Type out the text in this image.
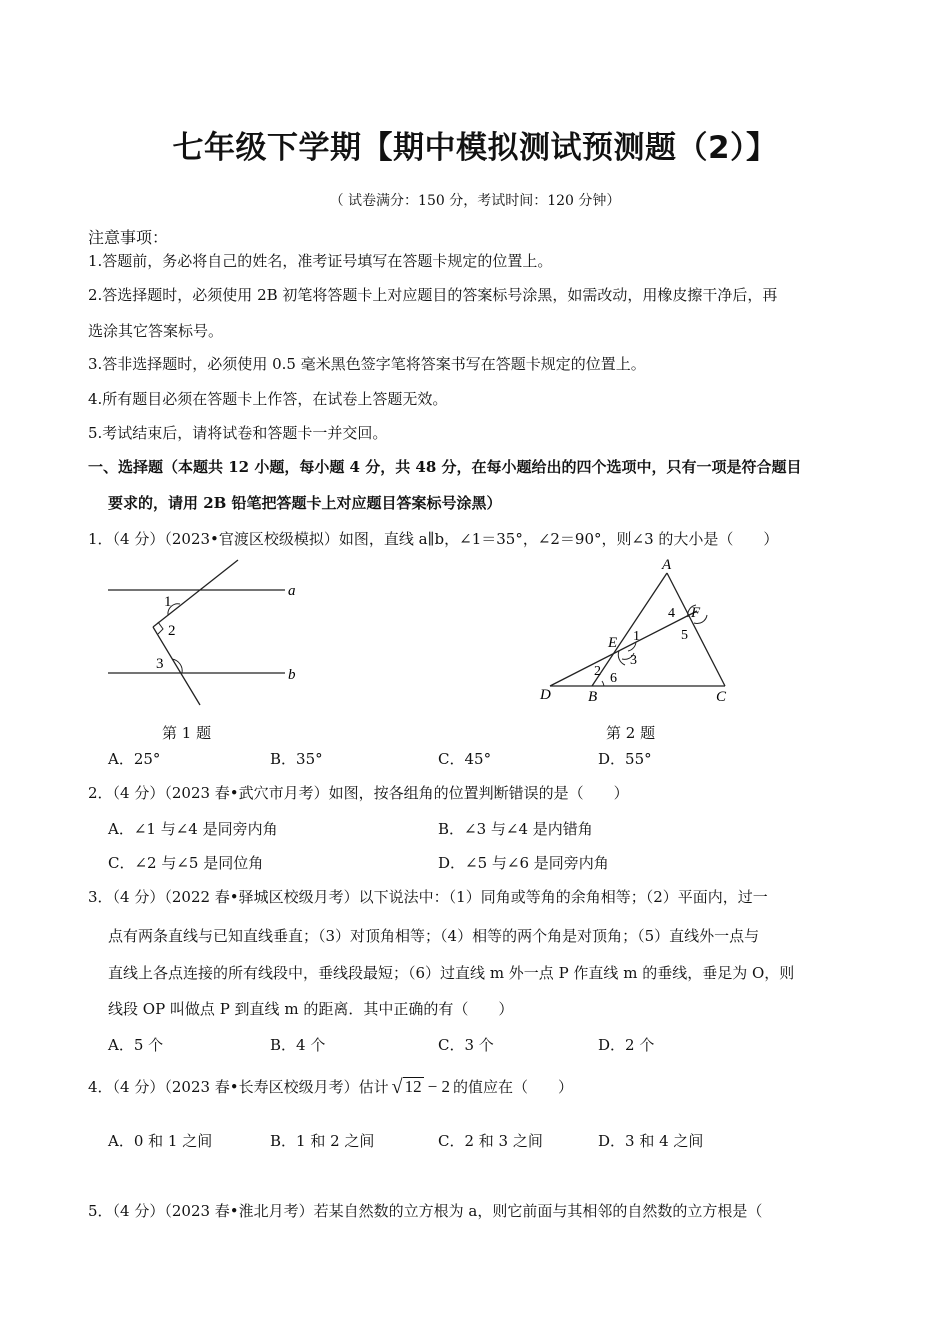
七年级下学期【期中模拟测试预测题（2）】
（ 试卷满分：150 分，考试时间：120 分钟）
注意事项：
1.答题前，务必将自己的姓名，准考证号填写在答题卡规定的位置上。
2.答选择题时，必须使用 2B 初笔将答题卡上对应题目的答案标号涂黑，如需改动，用橡皮擦干净后，再
选涂其它答案标号。
3.答非选择题时，必须使用 0.5 毫米黑色签字笔将答案书写在答题卡规定的位置上。
4.所有题目必须在答题卡上作答，在试卷上答题无效。
5.考试结束后，请将试卷和答题卡一并交回。
一、选择题（本题共 12 小题，每小题 4 分，共 48 分，在每小题给出的四个选项中，只有一项是符合题目
要求的，请用 2B 铅笔把答题卡上对应题目答案标号涂黑）
1．（4 分）（2023•官渡区校级模拟）如图，直线 a∥b，∠1＝35°，∠2＝90°，则∠3 的大小是（　　）
a
b
1
2
3
第 1 题
A
B	C
D
E
F
1
2
3
4
5
6
第 2 题
A．25°	B．35°	C．45°	D．55°
2．（4 分）（2023 春•武穴市月考）如图，按各组角的位置判断错误的是（　　）
A．∠1 与∠4 是同旁内角	B．∠3 与∠4 是内错角
C．∠2 与∠5 是同位角	D．∠5 与∠6 是同旁内角
3．（4 分）（2022 春•驿城区校级月考）以下说法中：（1）同角或等角的余角相等；（2）平面内，过一
点有两条直线与已知直线垂直；（3）对顶角相等；（4）相等的两个角是对顶角；（5）直线外一点与
直线上各点连接的所有线段中，垂线段最短；（6）过直线 m 外一点 P 作直线 m 的垂线，垂足为 O，则
线段 OP 叫做点 P 到直线 m 的距离．其中正确的有（　　）
A．5 个	B．4 个	C．3 个	D．2 个
4．（4 分）（2023 春•长寿区校级月考）估计 √ 12 − 2 的值应在（　　）
A．0 和 1 之间	B．1 和 2 之间	C．2 和 3 之间	D．3 和 4 之间
5．（4 分）（2023 春•淮北月考）若某自然数的立方根为 a，则它前面与其相邻的自然数的立方根是（
